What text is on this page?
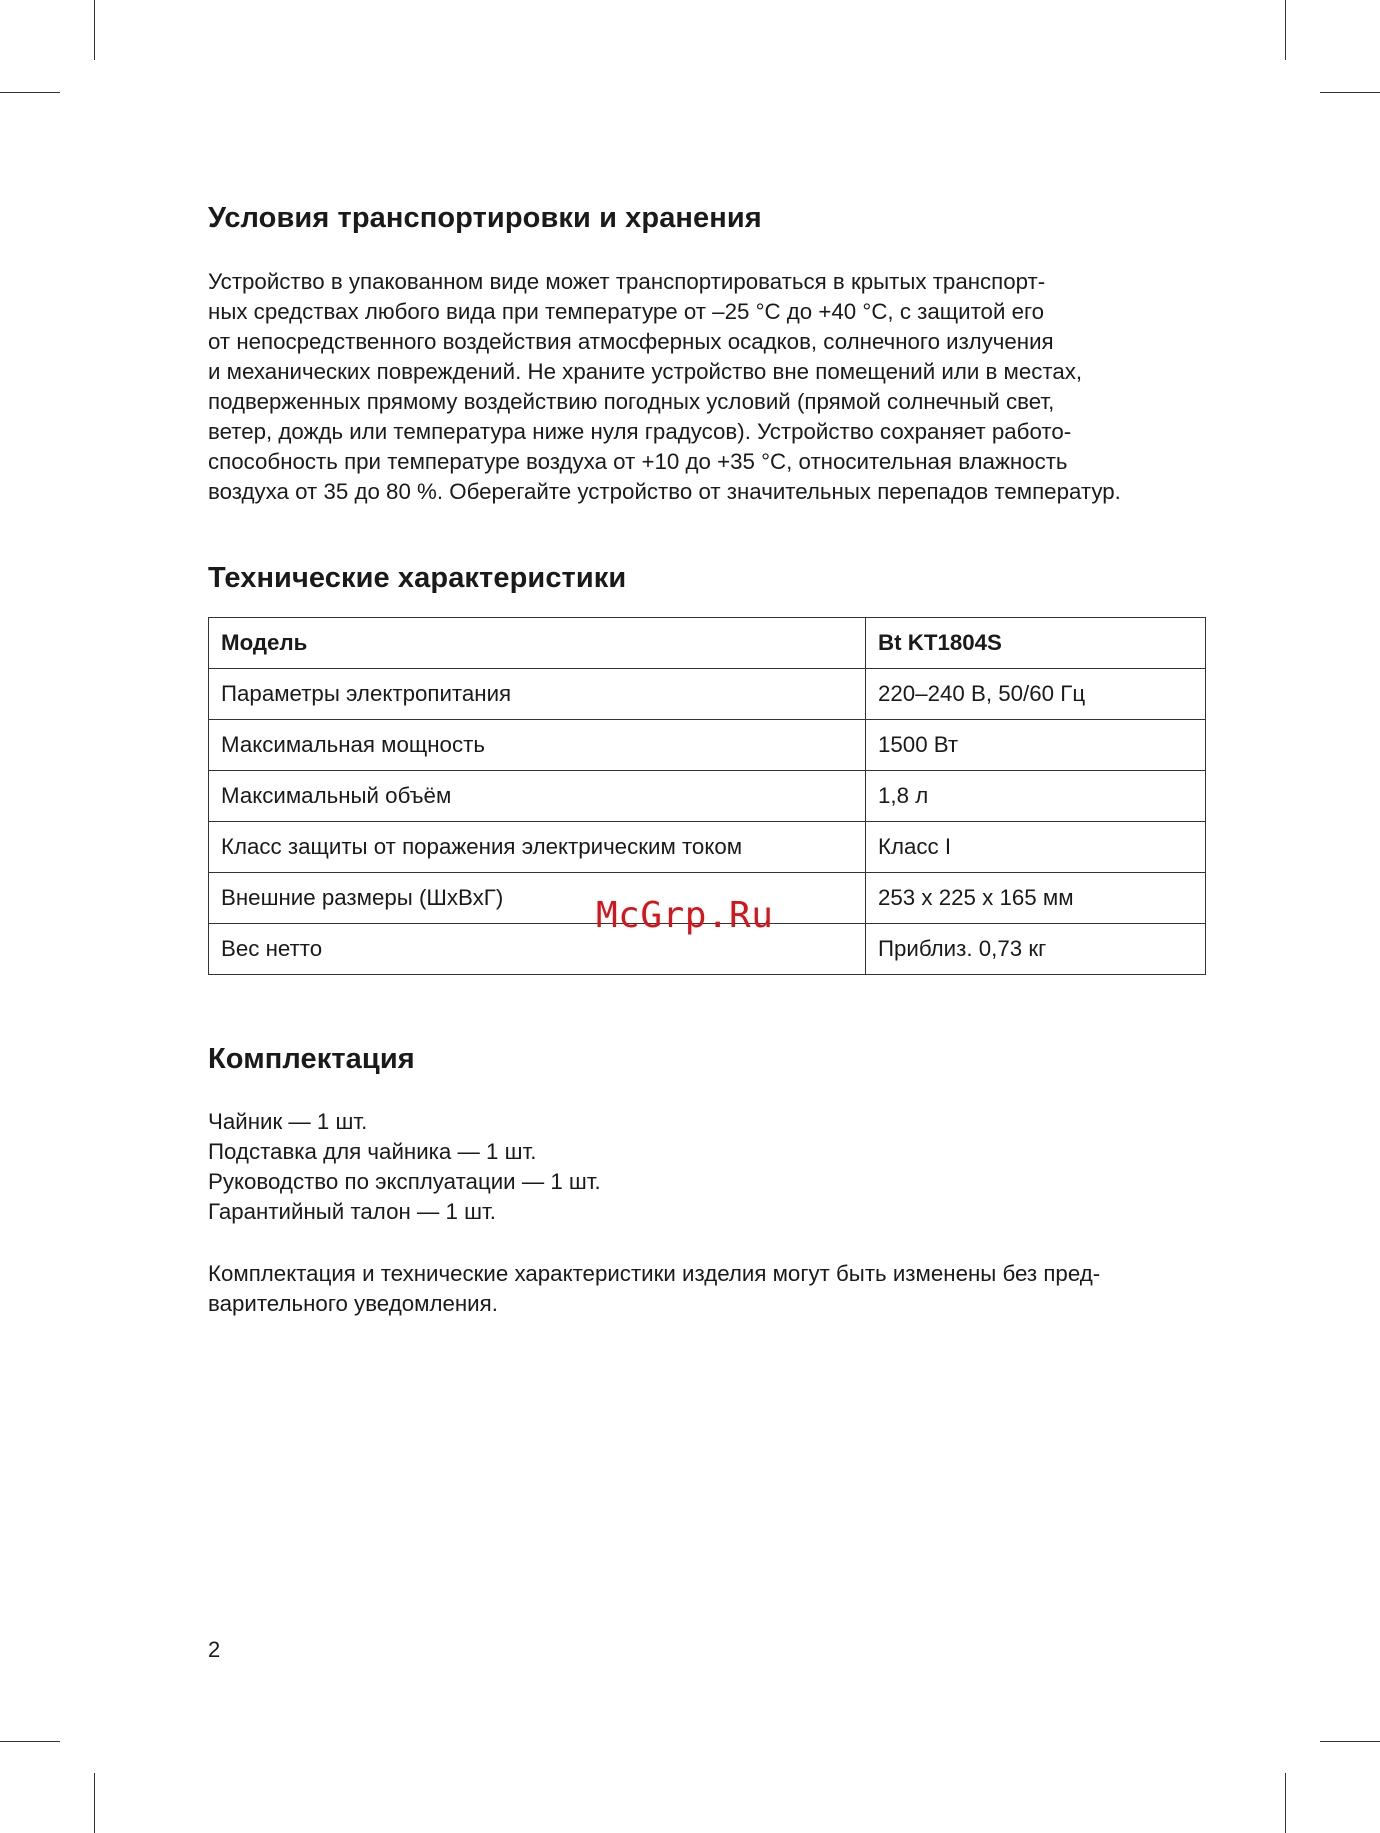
Условия транспортировки и хранения
Устройство в упакованном виде может транспортироваться в крытых транспорт-
ных средствах любого вида при температуре от –25 °C до +40 °C, с защитой его
от непосредственного воздействия атмосферных осадков, солнечного излучения
и механических повреждений. Не храните устройство вне помещений или в местах,
подверженных прямому воздействию погодных условий (прямой солнечный свет,
ветер, дождь или температура ниже нуля градусов). Устройство сохраняет работо-
способность при температуре воздуха от +10 до +35 °C, относительная влажность
воздуха от 35 до 80 %. Оберегайте устройство от значительных перепадов температур.
Технические характеристики
Модель	Bt KT1804S
Параметры электропитания	220–240 В, 50/60 Гц
Максимальная мощность	1500 Вт
Максимальный объём	1,8 л
Класс защиты от поражения электрическим током	Класс I
Внешние размеры (ШхВхГ)	253 x 225 x 165 мм
Вес нетто	Приблиз. 0,73 кг
Комплектация
Чайник — 1 шт.
Подставка для чайника — 1 шт.
Руководство по эксплуатации — 1 шт.
Гарантийный талон — 1 шт.
Комплектация и технические характеристики изделия могут быть изменены без пред-
варительного уведомления.
McGrp.Ru
2
